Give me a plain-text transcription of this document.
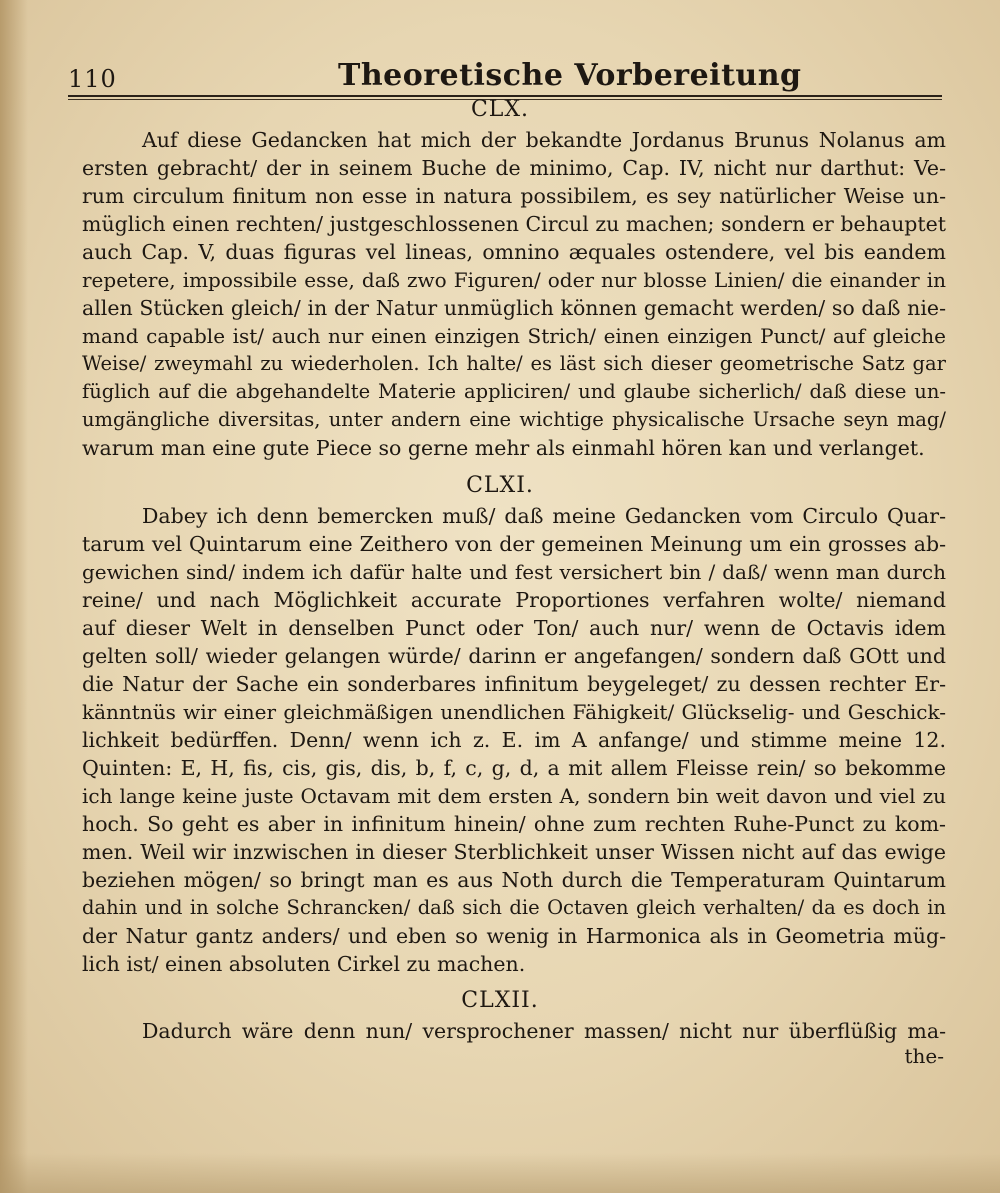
110	Theoretische Vorbereitung
CLX.
Auf diese Gedancken hat mich der bekandte Jordanus Brunus Nolanus am
ersten gebracht/ der in seinem Buche de minimo, Cap. IV, nicht nur darthut: Ve-
rum circulum finitum non esse in natura possibilem, es sey natürlicher Weise un-
müglich einen rechten/ justgeschlossenen Circul zu machen; sondern er behauptet
auch Cap. V, duas figuras vel lineas, omnino æquales ostendere, vel bis eandem
repetere, impossibile esse, daß zwo Figuren/ oder nur blosse Linien/ die einander in
allen Stücken gleich/ in der Natur unmüglich können gemacht werden/ so daß nie-
mand capable ist/ auch nur einen einzigen Strich/ einen einzigen Punct/ auf gleiche
Weise/ zweymahl zu wiederholen. Ich halte/ es läst sich dieser geometrische Satz gar
füglich auf die abgehandelte Materie appliciren/ und glaube sicherlich/ daß diese un-
umgängliche diversitas, unter andern eine wichtige physicalische Ursache seyn mag/
warum man eine gute Piece so gerne mehr als einmahl hören kan und verlanget.
CLXI.
Dabey ich denn bemercken muß/ daß meine Gedancken vom Circulo Quar-
tarum vel Quintarum eine Zeithero von der gemeinen Meinung um ein grosses ab-
gewichen sind/ indem ich dafür halte und fest versichert bin / daß/ wenn man durch
reine/ und nach Möglichkeit accurate Proportiones verfahren wolte/ niemand
auf dieser Welt in denselben Punct oder Ton/ auch nur/ wenn de Octavis idem
gelten soll/ wieder gelangen würde/ darinn er angefangen/ sondern daß GOtt und
die Natur der Sache ein sonderbares infinitum beygeleget/ zu dessen rechter Er-
känntnüs wir einer gleichmäßigen unendlichen Fähigkeit/ Glückselig- und Geschick-
lichkeit bedürffen. Denn/ wenn ich z. E. im A anfange/ und stimme meine 12.
Quinten: E, H, fis, cis, gis, dis, b, f, c, g, d, a mit allem Fleisse rein/ so bekomme
ich lange keine juste Octavam mit dem ersten A, sondern bin weit davon und viel zu
hoch. So geht es aber in infinitum hinein/ ohne zum rechten Ruhe-Punct zu kom-
men. Weil wir inzwischen in dieser Sterblichkeit unser Wissen nicht auf das ewige
beziehen mögen/ so bringt man es aus Noth durch die Temperaturam Quintarum
dahin und in solche Schrancken/ daß sich die Octaven gleich verhalten/ da es doch in
der Natur gantz anders/ und eben so wenig in Harmonica als in Geometria müg-
lich ist/ einen absoluten Cirkel zu machen.
CLXII.
Dadurch wäre denn nun/ versprochener massen/ nicht nur überflüßig ma-
the-
